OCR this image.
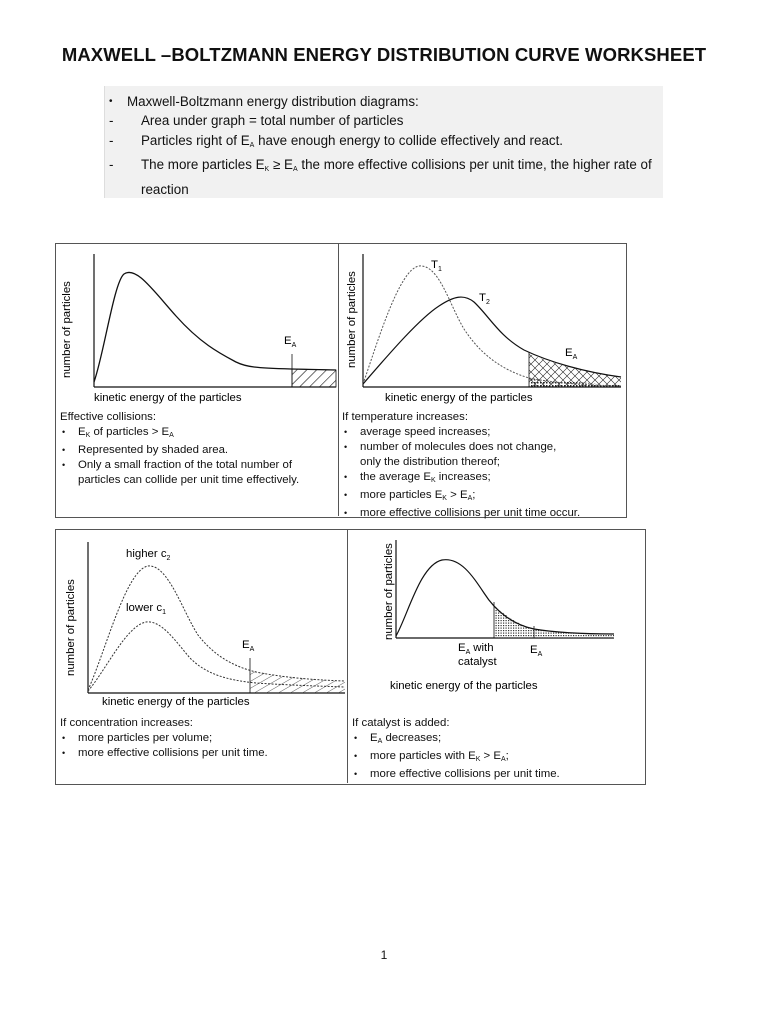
MAXWELL –BOLTZMANN ENERGY DISTRIBUTION CURVE WORKSHEET
• Maxwell-Boltzmann energy distribution diagrams:
- Area under graph = total number of particles
- Particles right of $E_A$ have enough energy to collide effectively and react.
- The more particles $E_K \ge E_A$ the more effective collisions per unit time, the higher rate of
reaction
$E_A$
number of particles
kinetic energy of the particles
Effective collisions:
• $E_K$ of particles > $E_A$
• Represented by shaded area.
• Only a small fraction of the total number of
particles can collide per unit time effectively.
$T_1$
$T_2$
$E_A$
number of particles
kinetic energy of the particles
If temperature increases:
• average speed increases;
• number of molecules does not change,
only the distribution thereof;
• the average $E_K$ increases;
• more particles $E_K > E_A$;
• more effective collisions per unit time occur.
higher $c_2$
lower $c_1$
$E_A$
number of particles
kinetic energy of the particles
If concentration increases:
• more particles per volume;
• more effective collisions per unit time.
$E_A$ with
catalyst
$E_A$
number of particles
kinetic energy of the particles
If catalyst is added:
• $E_A$ decreases;
• more particles with $E_K > E_A$;
• more effective collisions per unit time.
1
